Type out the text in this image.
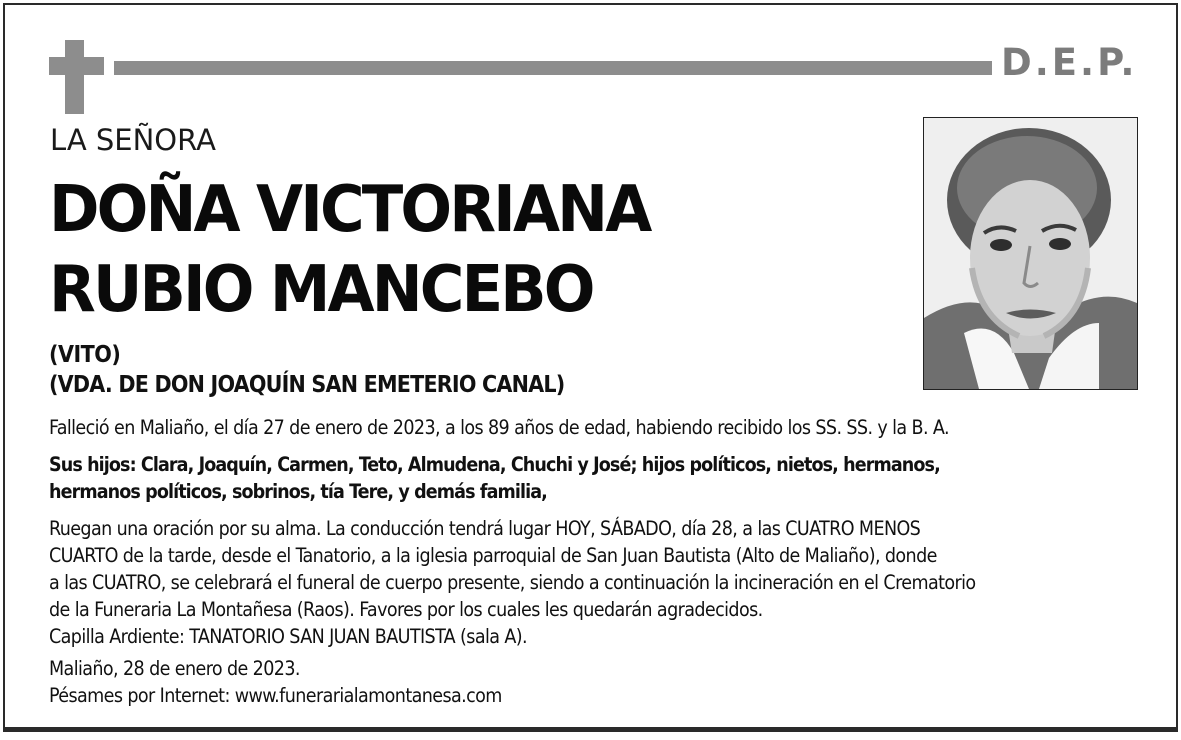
D.E.P.
LA SEÑORA
DOÑA VICTORIANA
RUBIO MANCEBO
(VITO)
(VDA. DE DON JOAQUÍN SAN EMETERIO CANAL)
Falleció en Maliaño, el día 27 de enero de 2023, a los 89 años de edad, habiendo recibido los SS. SS. y la B. A.
Sus hijos: Clara, Joaquín, Carmen, Teto, Almudena, Chuchi y José; hijos políticos, nietos, hermanos,
hermanos políticos, sobrinos, tía Tere, y demás familia,
Ruegan una oración por su alma. La conducción tendrá lugar HOY, SÁBADO, día 28, a las CUATRO MENOS
CUARTO de la tarde, desde el Tanatorio, a la iglesia parroquial de San Juan Bautista (Alto de Maliaño), donde
a las CUATRO, se celebrará el funeral de cuerpo presente, siendo a continuación la incineración en el Crematorio
de la Funeraria La Montañesa (Raos). Favores por los cuales les quedarán agradecidos.
Capilla Ardiente: TANATORIO SAN JUAN BAUTISTA (sala A).
Maliaño, 28 de enero de 2023.
Pésames por Internet: www.funerarialamontanesa.com
